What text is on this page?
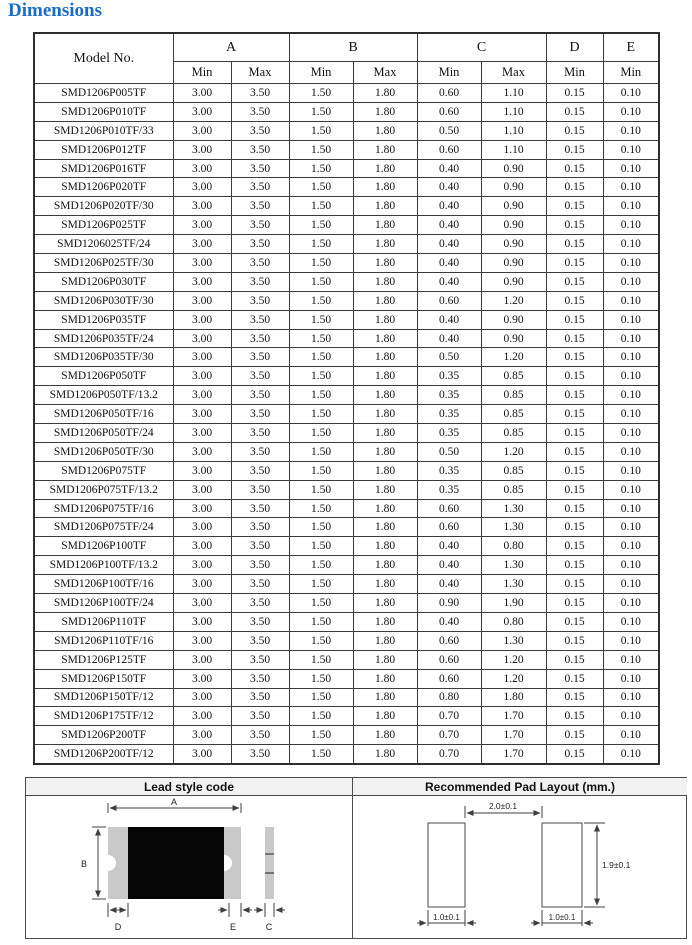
Dimensions
Model No.	A		B		C		D	E
	Min	Max	Min	Max	Min	Max	Min	Min
SMD1206P005TF	3.00	3.50	1.50	1.80	0.60	1.10	0.15	0.10
SMD1206P010TF	3.00	3.50	1.50	1.80	0.60	1.10	0.15	0.10
SMD1206P010TF/33	3.00	3.50	1.50	1.80	0.50	1.10	0.15	0.10
SMD1206P012TF	3.00	3.50	1.50	1.80	0.60	1.10	0.15	0.10
SMD1206P016TF	3.00	3.50	1.50	1.80	0.40	0.90	0.15	0.10
SMD1206P020TF	3.00	3.50	1.50	1.80	0.40	0.90	0.15	0.10
SMD1206P020TF/30	3.00	3.50	1.50	1.80	0.40	0.90	0.15	0.10
SMD1206P025TF	3.00	3.50	1.50	1.80	0.40	0.90	0.15	0.10
SMD1206025TF/24	3.00	3.50	1.50	1.80	0.40	0.90	0.15	0.10
SMD1206P025TF/30	3.00	3.50	1.50	1.80	0.40	0.90	0.15	0.10
SMD1206P030TF	3.00	3.50	1.50	1.80	0.40	0.90	0.15	0.10
SMD1206P030TF/30	3.00	3.50	1.50	1.80	0.60	1.20	0.15	0.10
SMD1206P035TF	3.00	3.50	1.50	1.80	0.40	0.90	0.15	0.10
SMD1206P035TF/24	3.00	3.50	1.50	1.80	0.40	0.90	0.15	0.10
SMD1206P035TF/30	3.00	3.50	1.50	1.80	0.50	1.20	0.15	0.10
SMD1206P050TF	3.00	3.50	1.50	1.80	0.35	0.85	0.15	0.10
SMD1206P050TF/13.2	3.00	3.50	1.50	1.80	0.35	0.85	0.15	0.10
SMD1206P050TF/16	3.00	3.50	1.50	1.80	0.35	0.85	0.15	0.10
SMD1206P050TF/24	3.00	3.50	1.50	1.80	0.35	0.85	0.15	0.10
SMD1206P050TF/30	3.00	3.50	1.50	1.80	0.50	1.20	0.15	0.10
SMD1206P075TF	3.00	3.50	1.50	1.80	0.35	0.85	0.15	0.10
SMD1206P075TF/13.2	3.00	3.50	1.50	1.80	0.35	0.85	0.15	0.10
SMD1206P075TF/16	3.00	3.50	1.50	1.80	0.60	1.30	0.15	0.10
SMD1206P075TF/24	3.00	3.50	1.50	1.80	0.60	1.30	0.15	0.10
SMD1206P100TF	3.00	3.50	1.50	1.80	0.40	0.80	0.15	0.10
SMD1206P100TF/13.2	3.00	3.50	1.50	1.80	0.40	1.30	0.15	0.10
SMD1206P100TF/16	3.00	3.50	1.50	1.80	0.40	1.30	0.15	0.10
SMD1206P100TF/24	3.00	3.50	1.50	1.80	0.90	1.90	0.15	0.10
SMD1206P110TF	3.00	3.50	1.50	1.80	0.40	0.80	0.15	0.10
SMD1206P110TF/16	3.00	3.50	1.50	1.80	0.60	1.30	0.15	0.10
SMD1206P125TF	3.00	3.50	1.50	1.80	0.60	1.20	0.15	0.10
SMD1206P150TF	3.00	3.50	1.50	1.80	0.60	1.20	0.15	0.10
SMD1206P150TF/12	3.00	3.50	1.50	1.80	0.80	1.80	0.15	0.10
SMD1206P175TF/12	3.00	3.50	1.50	1.80	0.70	1.70	0.15	0.10
SMD1206P200TF	3.00	3.50	1.50	1.80	0.70	1.70	0.15	0.10
SMD1206P200TF/12	3.00	3.50	1.50	1.80	0.70	1.70	0.15	0.10
Lead style code
A
B
D	E	C
Recommended Pad Layout (mm.)
2.0±0.1
1.9±0.1
1.0±0.1	1.0±0.1
